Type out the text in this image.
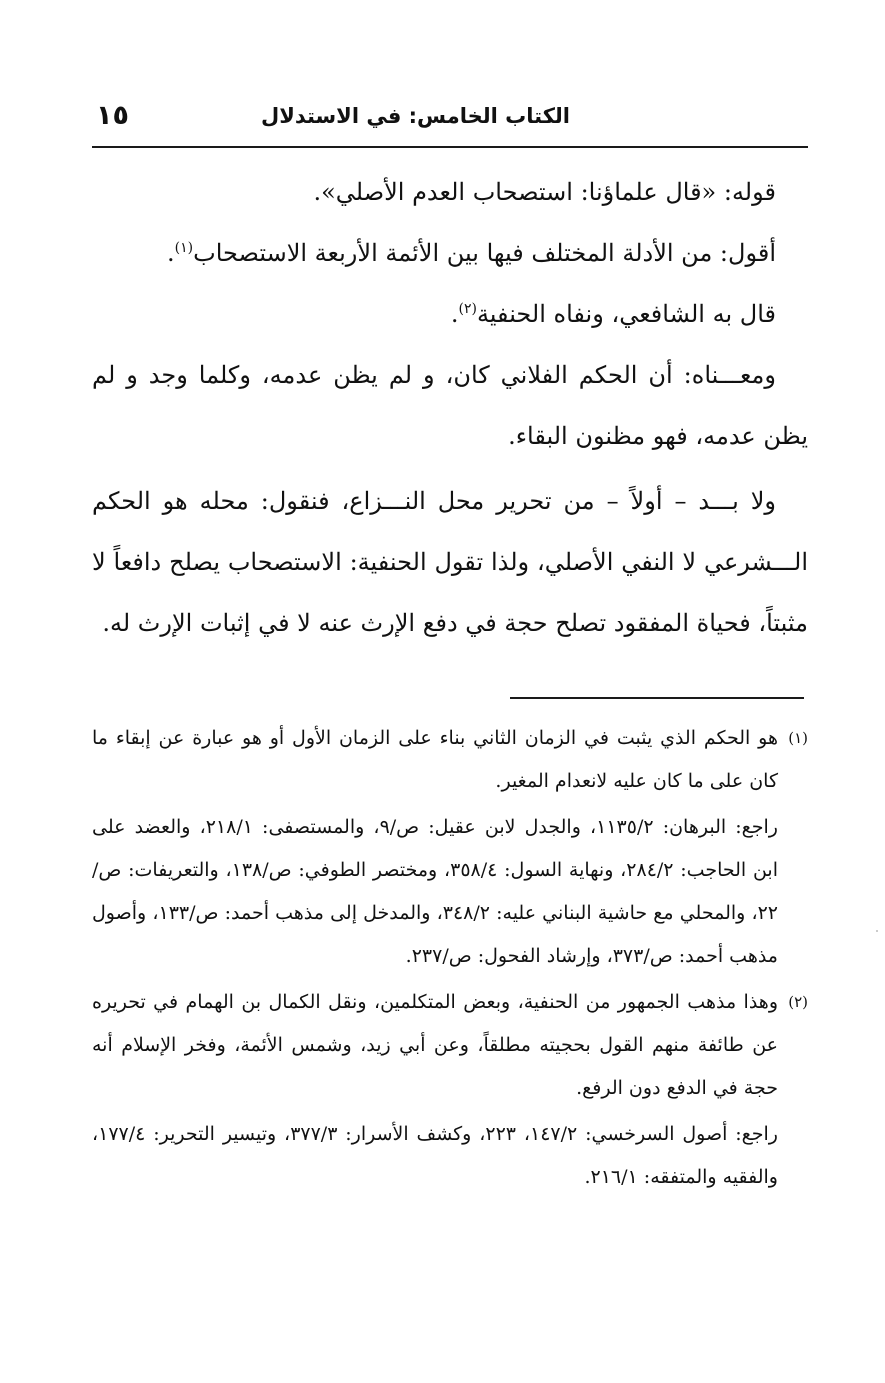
الكتاب الخامس: في الاستدلال
١٥

قوله: «قال علماؤنا: استصحاب العدم الأصلي».

أقول: من الأدلة المختلف فيها بين الأئمة الأربعة الاستصحاب$^{(١)}$.

قال به الشافعي، ونفاه الحنفية$^{(٢)}$.

ومعـــناه: أن الحكم الفلاني كان، و لم يظن عدمه، وكلما وجد و لم يظن عدمه، فهو مظنون البقاء.

ولا بـــد – أولاً – من تحرير محل النـــزاع، فنقول: محله هو الحكم الـــشرعي لا النفي الأصلي، ولذا تقول الحنفية: الاستصحاب يصلح دافعاً لا مثبتاً، فحياة المفقود تصلح حجة في دفع الإرث عنه لا في إثبات الإرث له.

(١)
هو الحكم الذي يثبت في الزمان الثاني بناء على الزمان الأول أو هو عبارة عن إبقاء ما كان على ما كان عليه لانعدام المغير.

راجع: البرهان: ١١٣٥/٢، والجدل لابن عقيل: ص/٩، والمستصفى: ٢١٨/١، والعضد على ابن الحاجب: ٢٨٤/٢، ونهاية السول: ٣٥٨/٤، ومختصر الطوفي: ص/١٣٨، والتعريفات: ص/٢٢، والمحلي مع حاشية البناني عليه: ٣٤٨/٢، والمدخل إلى مذهب أحمد: ص/١٣٣، وأصول مذهب أحمد: ص/٣٧٣، وإرشاد الفحول: ص/٢٣٧.

(٢)
وهذا مذهب الجمهور من الحنفية، وبعض المتكلمين، ونقل الكمال بن الهمام في تحريره عن طائفة منهم القول بحجيته مطلقاً، وعن أبي زيد، وشمس الأئمة، وفخر الإسلام أنه حجة في الدفع دون الرفع.

راجع: أصول السرخسي: ١٤٧/٢، ٢٢٣، وكشف الأسرار: ٣٧٧/٣، وتيسير التحرير: ١٧٧/٤، والفقيه والمتفقه: ٢١٦/١.
